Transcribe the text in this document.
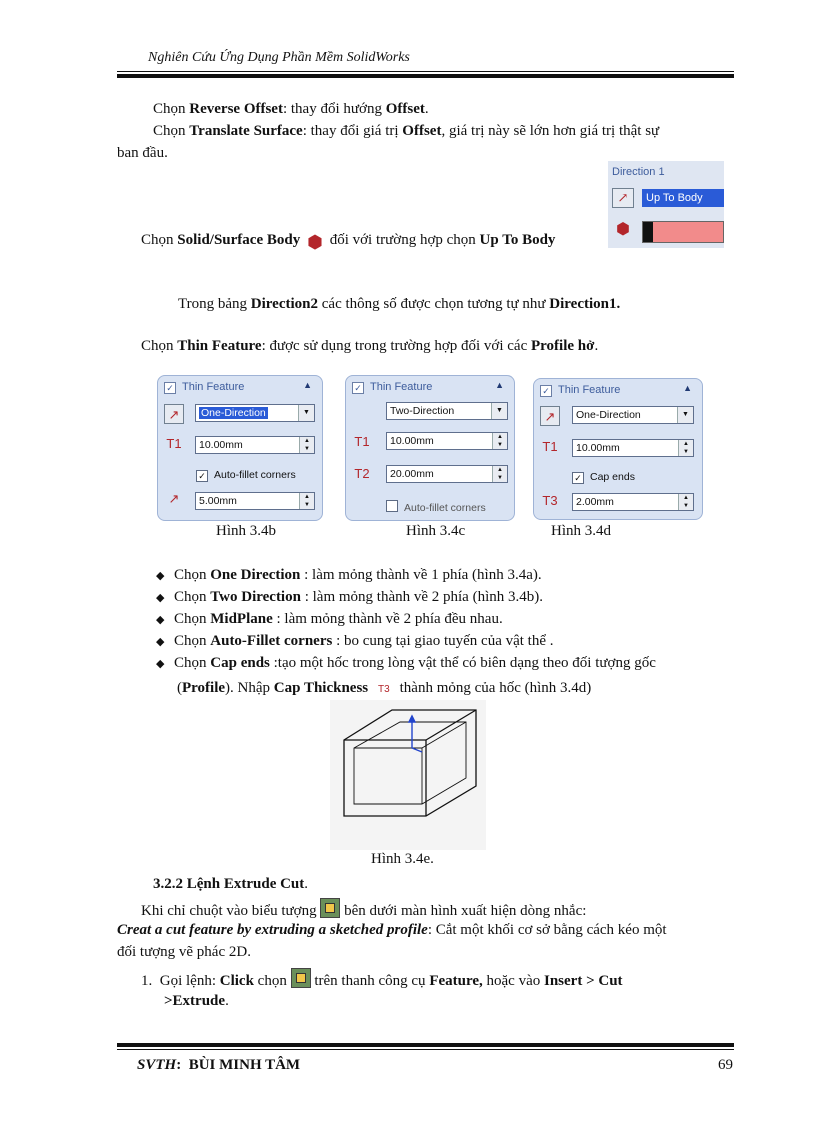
Nghiên Cứu Ứng Dụng Phần Mềm SolidWorks
Chọn Reverse Offset: thay đổi hướng Offset.
Chọn Translate Surface: thay đổi giá trị Offset, giá trị này sẽ lớn hơn giá trị thật sự
ban đầu.
Direction 1
↗	Up To Body
⬢
Chọn Solid/Surface Body ⬢ đối với trường hợp chọn Up To Body
Trong bảng Direction2 các thông số được chọn tương tự như Direction1.
Chọn Thin Feature: được sử dụng trong trường hợp đối với các Profile hở.
✓ Thin Feature	▲
↗	One-Direction	▼
T1	10.00mm	▲
▼
✓ Auto-fillet corners
↗	5.00mm	▲
▼
✓ Thin Feature	▲
Two-Direction	▼
T1	10.00mm	▲
▼
T2	20.00mm	▲
▼
Auto-fillet corners
✓ Thin Feature	▲
↗	One-Direction	▼
T1	10.00mm	▲
▼
✓ Cap ends
T3	2.00mm	▲
▼
Hình 3.4b	Hình 3.4c	Hình 3.4d
◆ Chọn One Direction : làm mỏng thành về 1 phía (hình 3.4a).
◆ Chọn Two Direction : làm mỏng thành về 2 phía (hình 3.4b).
◆ Chọn MidPlane : làm mỏng thành về 2 phía đều nhau.
◆ Chọn Auto-Fillet corners : bo cung tại giao tuyến của vật thể .
◆ Chọn Cap ends :tạo một hốc trong lòng vật thể có biên dạng theo đối tượng gốc
(Profile). Nhập Cap Thickness T3 thành mỏng của hốc (hình 3.4d)
Hình 3.4e.
3.2.2 Lệnh Extrude Cut.
Khi chỉ chuột vào biểu tượng bên dưới màn hình xuất hiện dòng nhắc:
Creat a cut feature by extruding a sketched profile: Cắt một khối cơ sở bằng cách kéo một
đối tượng vẽ phác 2D.
1. Gọi lệnh: Click chọn trên thanh công cụ Feature, hoặc vào Insert > Cut
>Extrude.
SVTH: BÙI MINH TÂM	69
